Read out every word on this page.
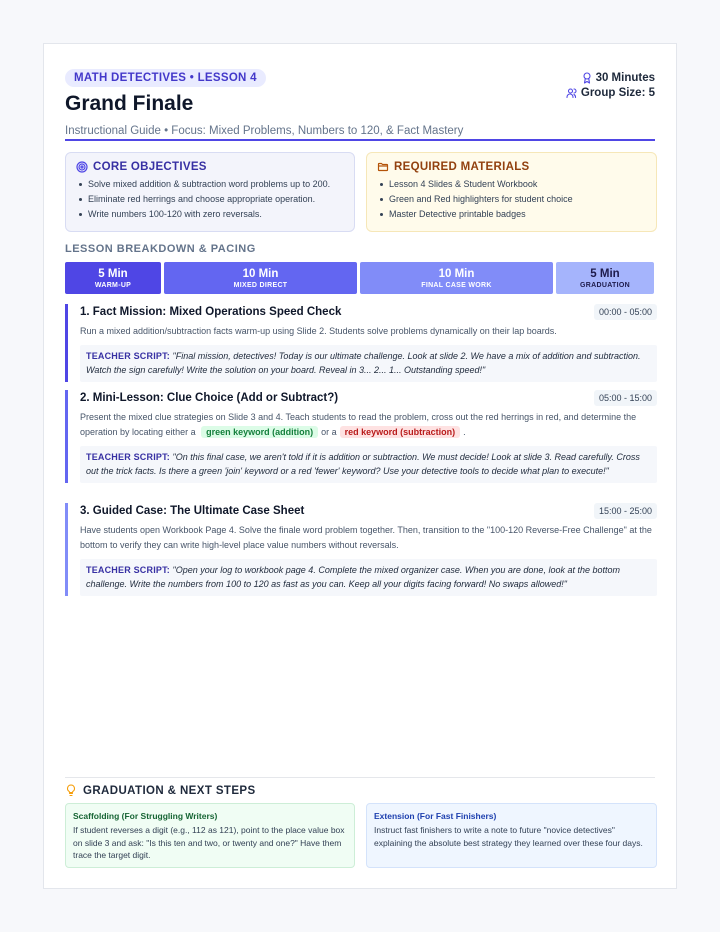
MATH DETECTIVES • LESSON 4
Grand Finale
Instructional Guide • Focus: Mixed Problems, Numbers to 120, & Fact Mastery
30 Minutes
Group Size: 5
CORE OBJECTIVES
Solve mixed addition & subtraction word problems up to 200.
Eliminate red herrings and choose appropriate operation.
Write numbers 100-120 with zero reversals.
REQUIRED MATERIALS
Lesson 4 Slides & Student Workbook
Green and Red highlighters for student choice
Master Detective printable badges
LESSON BREAKDOWN & PACING
5 Min
WARM-UP
10 Min
MIXED DIRECT
10 Min
FINAL CASE WORK
5 Min
GRADUATION
1. Fact Mission: Mixed Operations Speed Check	00:00 - 05:00
Run a mixed addition/subtraction facts warm-up using Slide 2. Students solve problems dynamically on their lap boards.
TEACHER SCRIPT: "Final mission, detectives! Today is our ultimate challenge. Look at slide 2. We have a mix of addition and subtraction. Watch the sign carefully! Write the solution on your board. Reveal in 3... 2... 1... Outstanding speed!"
2. Mini-Lesson: Clue Choice (Add or Subtract?)	05:00 - 15:00
Present the mixed clue strategies on Slide 3 and 4. Teach students to read the problem, cross out the red herrings in red, and determine the operation by locating either a green keyword (addition) or a red keyword (subtraction) .
TEACHER SCRIPT: "On this final case, we aren't told if it is addition or subtraction. We must decide! Look at slide 3. Read carefully. Cross out the trick facts. Is there a green 'join' keyword or a red 'fewer' keyword? Use your detective tools to decide what plan to execute!"
3. Guided Case: The Ultimate Case Sheet	15:00 - 25:00
Have students open Workbook Page 4. Solve the finale word problem together. Then, transition to the "100-120 Reverse-Free Challenge" at the bottom to verify they can write high-level place value numbers without reversals.
TEACHER SCRIPT: "Open your log to workbook page 4. Complete the mixed organizer case. When you are done, look at the bottom challenge. Write the numbers from 100 to 120 as fast as you can. Keep all your digits facing forward! No swaps allowed!"
GRADUATION & NEXT STEPS
Scaffolding (For Struggling Writers)
If student reverses a digit (e.g., 112 as 121), point to the place value box on slide 3 and ask: "Is this ten and two, or twenty and one?" Have them trace the target digit.
Extension (For Fast Finishers)
Instruct fast finishers to write a note to future "novice detectives" explaining the absolute best strategy they learned over these four days.
